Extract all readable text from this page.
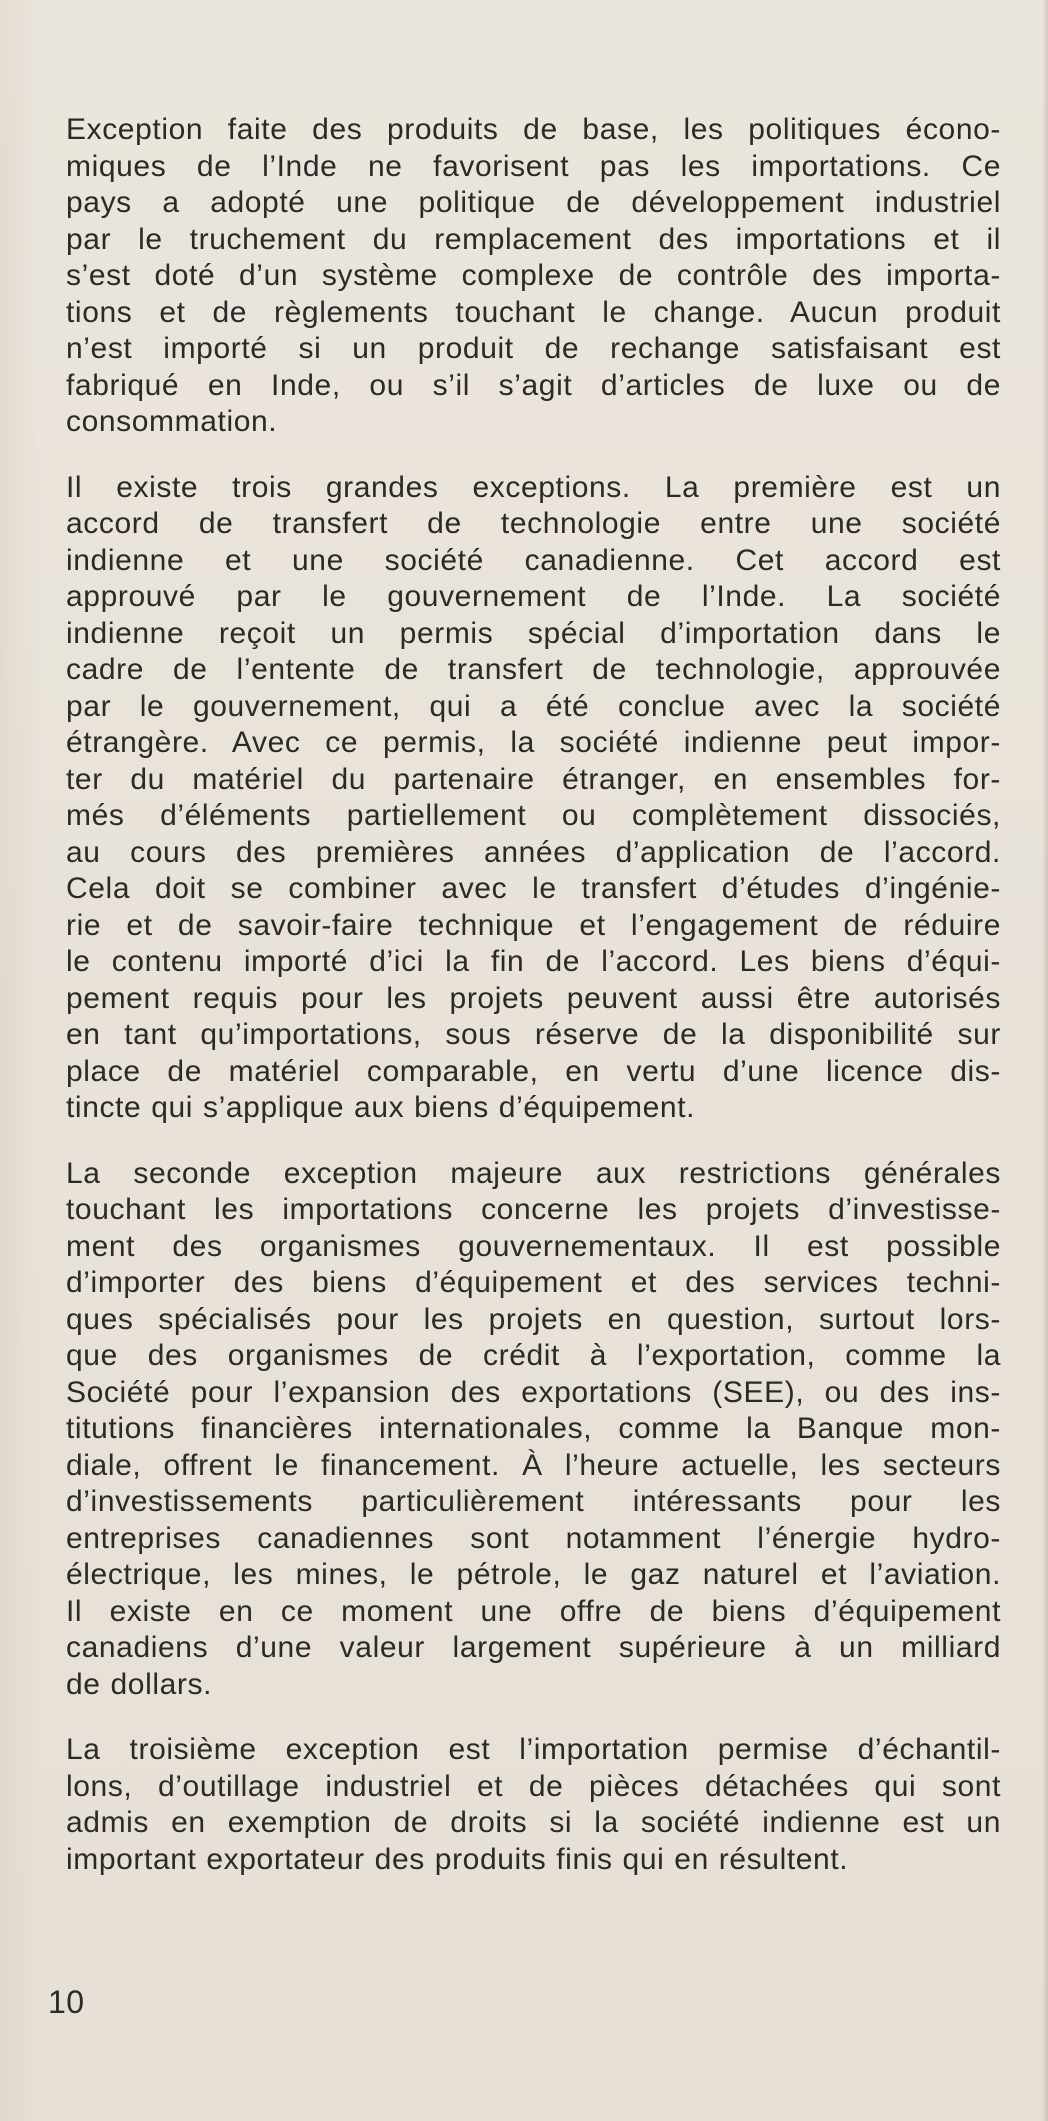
Exception faite des produits de base, les politiques écono-
miques de l’Inde ne favorisent pas les importations. Ce
pays a adopté une politique de développement industriel
par le truchement du remplacement des importations et il
s’est doté d’un système complexe de contrôle des importa-
tions et de règlements touchant le change. Aucun produit
n’est importé si un produit de rechange satisfaisant est
fabriqué en Inde, ou s’il s’agit d’articles de luxe ou de
consommation.

Il existe trois grandes exceptions. La première est un
accord de transfert de technologie entre une société
indienne et une société canadienne. Cet accord est
approuvé par le gouvernement de l’Inde. La société
indienne reçoit un permis spécial d’importation dans le
cadre de l’entente de transfert de technologie, approuvée
par le gouvernement, qui a été conclue avec la société
étrangère. Avec ce permis, la société indienne peut impor-
ter du matériel du partenaire étranger, en ensembles for-
més d’éléments partiellement ou complètement dissociés,
au cours des premières années d’application de l’accord.
Cela doit se combiner avec le transfert d’études d’ingénie-
rie et de savoir-faire technique et l’engagement de réduire
le contenu importé d’ici la fin de l’accord. Les biens d’équi-
pement requis pour les projets peuvent aussi être autorisés
en tant qu’importations, sous réserve de la disponibilité sur
place de matériel comparable, en vertu d’une licence dis-
tincte qui s’applique aux biens d’équipement.

La seconde exception majeure aux restrictions générales
touchant les importations concerne les projets d’investisse-
ment des organismes gouvernementaux. Il est possible
d’importer des biens d’équipement et des services techni-
ques spécialisés pour les projets en question, surtout lors-
que des organismes de crédit à l’exportation, comme la
Société pour l’expansion des exportations (SEE), ou des ins-
titutions financières internationales, comme la Banque mon-
diale, offrent le financement. À l’heure actuelle, les secteurs
d’investissements particulièrement intéressants pour les
entreprises canadiennes sont notamment l’énergie hydro-
électrique, les mines, le pétrole, le gaz naturel et l’aviation.
Il existe en ce moment une offre de biens d’équipement
canadiens d’une valeur largement supérieure à un milliard
de dollars.

La troisième exception est l’importation permise d’échantil-
lons, d’outillage industriel et de pièces détachées qui sont
admis en exemption de droits si la société indienne est un
important exportateur des produits finis qui en résultent.

10
